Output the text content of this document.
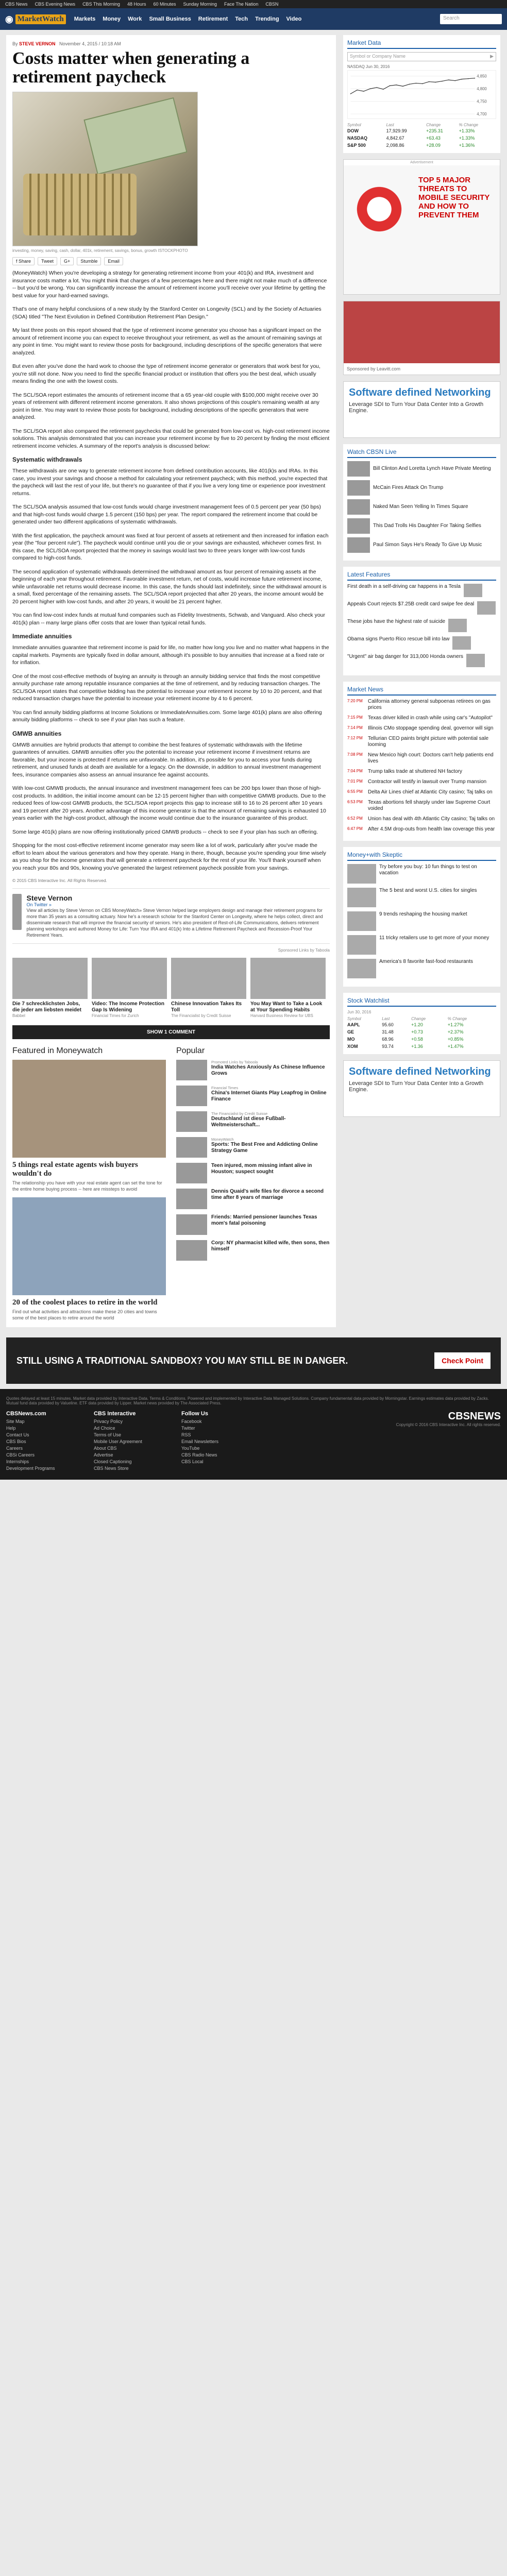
CBS News CBS Evening News CBS This Morning 48 Hours 60 Minutes Sunday Morning Face The Nation CBSN
◉ MarketWatch	Markets Money Work Small Business Retirement Tech Trending Video	Search
By STEVE VERNON November 4, 2015 / 10:18 AM
Costs matter when generating a retirement paycheck
investing, money, saving, cash, dollar, 401k, retirement, savings, bonus, growth ISTOCKPHOTO
f Share	Tweet	G+	Stumble	Email

(MoneyWatch) When you're developing a strategy for generating retirement income from your 401(k) and IRA, investment and insurance costs matter a lot. You might think that charges of a few percentages here and there might not make much of a difference -- but you'd be wrong. You can significantly increase the amount of retirement income you'll receive over your lifetime by getting the best value for your hard-earned savings.

That's one of many helpful conclusions of a new study by the Stanford Center on Longevity (SCL) and by the Society of Actuaries (SOA) titled "The Next Evolution in Defined Contribution Retirement Plan Design."

My last three posts on this report showed that the type of retirement income generator you choose has a significant impact on the amount of retirement income you can expect to receive throughout your retirement, as well as the amount of remaining savings at any point in time. You might want to review those posts for background, including descriptions of the specific generators that were analyzed.

But even after you've done the hard work to choose the type of retirement income generator or generators that work best for you, you're still not done. Now you need to find the specific financial product or institution that offers you the best deal, which usually means finding the one with the lowest costs.

The SCL/SOA report estimates the amounts of retirement income that a 65 year-old couple with $100,000 might receive over 30 years of retirement with different retirement income generators. It also shows projections of this couple's remaining wealth at any point in time. You may want to review those posts for background, including descriptions of the specific generators that were analyzed.

The SCL/SOA report also compared the retirement paychecks that could be generated from low-cost vs. high-cost retirement income solutions. This analysis demonstrated that you can increase your retirement income by five to 20 percent by finding the most efficient retirement income vehicles. A summary of the report's analysis is discussed below:

Systematic withdrawals

These withdrawals are one way to generate retirement income from defined contribution accounts, like 401(k)s and IRAs. In this case, you invest your savings and choose a method for calculating your retirement paycheck; with this method, you're expected that the paycheck will last the rest of your life, but there's no guarantee of that if you live a very long time or experience poor investment returns.

The SCL/SOA analysis assumed that low-cost funds would charge investment management fees of 0.5 percent per year (50 bps) and that high-cost funds would charge 1.5 percent (150 bps) per year. The report compared the retirement income that could be generated under two different applications of systematic withdrawals.

With the first application, the paycheck amount was fixed at four percent of assets at retirement and then increased for inflation each year (the "four percent rule"). The paycheck would continue until you die or your savings are exhausted, whichever comes first. In this case, the SCL/SOA report projected that the money in savings would last two to three years longer with low-cost funds compared to high-cost funds.

The second application of systematic withdrawals determined the withdrawal amount as four percent of remaining assets at the beginning of each year throughout retirement. Favorable investment return, net of costs, would increase future retirement income, while unfavorable net returns would decrease income. In this case, the funds should last indefinitely, since the withdrawal amount is a small, fixed percentage of the remaining assets. The SCL/SOA report projected that after 20 years, the income amount would be 20 percent higher with low-cost funds, and after 20 years, it would be 21 percent higher.

You can find low-cost index funds at mutual fund companies such as Fidelity Investments, Schwab, and Vanguard. Also check your 401(k) plan -- many large plans offer costs that are lower than typical retail funds.

Immediate annuities

Immediate annuities guarantee that retirement income is paid for life, no matter how long you live and no matter what happens in the capital markets. Payments are typically fixed in dollar amount, although it's possible to buy annuities that increase at a fixed rate or for inflation.

One of the most cost-effective methods of buying an annuity is through an annuity bidding service that finds the most competitive annuity purchase rate among reputable insurance companies at the time of retirement, and by reducing transaction charges. The SCL/SOA report states that competitive bidding has the potential to increase your retirement income by 10 to 20 percent, and that reduced transaction charges have the potential to increase your retirement income by 4 to 6 percent.

You can find annuity bidding platforms at Income Solutions or ImmediateAnnuities.com. Some large 401(k) plans are also offering annuity bidding platforms -- check to see if your plan has such a feature.

GMWB annuities

GMWB annuities are hybrid products that attempt to combine the best features of systematic withdrawals with the lifetime guarantees of annuities. GMWB annuities offer you the potential to increase your retirement income if investment returns are favorable, but your income is protected if returns are unfavorable. In addition, it's possible for you to access your funds during retirement, and unused funds at death are available for a legacy. On the downside, in addition to annual investment management fees, insurance companies also assess an annual insurance fee against accounts.

With low-cost GMWB products, the annual insurance and investment management fees can be 200 bps lower than those of high-cost products. In addition, the initial income amount can be 12-15 percent higher than with competitive GMWB products. Due to the reduced fees of low-cost GMWB products, the SCL/SOA report projects this gap to increase still to 16 to 26 percent after 10 years and 19 percent after 20 years. Another advantage of this income generator is that the amount of remaining savings is exhausted 10 years earlier with the high-cost product, although the income would continue due to the insurance guarantee of this product.

Some large 401(k) plans are now offering institutionally priced GMWB products -- check to see if your plan has such an offering.

Shopping for the most cost-effective retirement income generator may seem like a lot of work, particularly after you've made the effort to learn about the various generators and how they operate. Hang in there, though, because you're spending your time wisely as you shop for the income generators that will generate a retirement paycheck for the rest of your life. You'll thank yourself when you reach your 80s and 90s, knowing you've generated the largest retirement paycheck possible from your savings.

© 2015 CBS Interactive Inc. All Rights Reserved.
Steve Vernon
On Twitter »
View all articles by Steve Vernon on CBS MoneyWatch» Steve Vernon helped large employers design and manage their retirement programs for more than 35 years as a consulting actuary. Now he's a research scholar for the Stanford Center on Longevity, where he helps collect, direct and disseminate research that will improve the financial security of seniors. He's also president of Rest-of-Life Communications, delivers retirement planning workshops and authored Money for Life: Turn Your IRA and 401(k) Into a Lifetime Retirement Paycheck and Recession-Proof Your Retirement Years.
Sponsored Links by Taboola
Die 7 schrecklichsten Jobs, die jeder am liebsten meidet
Babbel
Video: The Income Protection Gap Is Widening
Financial Times for Zurich
Chinese Innovation Takes Its Toll
The Financialist by Credit Suisse
You May Want to Take a Look at Your Spending Habits
Harvard Business Review for UBS
SHOW 1 COMMENT
Featured in Moneywatch
5 things real estate agents wish buyers wouldn't do
The relationship you have with your real estate agent can set the tone for the entire home buying process -- here are missteps to avoid
20 of the coolest places to retire in the world
Find out what activities and attractions make these 20 cities and towns some of the best places to retire around the world
Popular
Promoted Links by Taboola
India Watches Anxiously As Chinese Influence Grows
Financial Times
China's Internet Giants Play Leapfrog in Online Finance
The Financialist by Credit Suisse
Deutschland ist diese Fußball-Weltmeisterschaft...
MoneyWatch
Sports: The Best Free and Addicting Online Strategy Game
Teen injured, mom missing infant alive in Houston; suspect sought
Dennis Quaid's wife files for divorce a second time after 8 years of marriage
Friends: Married pensioner launches Texas mom's fatal poisoning
Corp: NY pharmacist killed wife, then sons, then himself
Market Data
Symbol or Company Name	▶
NASDAQ Jun 30, 2016
4,700
4,750
4,800
4,850
Symbol	Last	Change	% Change
DOW	17,929.99	+235.31	+1.33%
NASDAQ	4,842.67	+63.43	+1.33%
S&P 500	2,098.86	+28.09	+1.36%
Advertisement
TOP 5 MAJOR THREATS TO MOBILE SECURITY AND HOW TO PREVENT THEM
Sponsored by Leavitt.com
Software defined Networking
Leverage SDI to Turn Your Data Center Into a Growth Engine.
Watch CBSN Live
Bill Clinton And Loretta Lynch Have Private Meeting
McCain Fires Attack On Trump
Naked Man Seen Yelling In Times Square
This Dad Trolls His Daughter For Taking Selfies
Paul Simon Says He's Ready To Give Up Music
Latest Features
First death in a self-driving car happens in a Tesla
Appeals Court rejects $7.25B credit card swipe fee deal
These jobs have the highest rate of suicide
Obama signs Puerto Rico rescue bill into law
"Urgent" air bag danger for 313,000 Honda owners
Market News
7:20 PM	California attorney general subpoenas retirees on gas prices
7:15 PM	Texas driver killed in crash while using car's "Autopilot"
7:14 PM	Illinois CMo stoppage spending deal, governor will sign
7:12 PM	Tellurian CEO paints bright picture with potential sale looming
7:08 PM	New Mexico high court: Doctors can't help patients end lives
7:04 PM	Trump talks trade at shuttered NH factory
7:01 PM	Contractor will testify in lawsuit over Trump mansion
6:55 PM	Delta Air Lines chief at Atlantic City casino; Taj talks on
6:53 PM	Texas abortions fell sharply under law Supreme Court voided
6:52 PM	Union has deal with 4th Atlantic City casino; Taj talks on
6:47 PM	After 4.5M drop-outs from health law coverage this year
Money+with Skeptic
Try before you buy: 10 fun things to test on vacation
The 5 best and worst U.S. cities for singles
9 trends reshaping the housing market
11 tricky retailers use to get more of your money
America's 8 favorite fast-food restaurants
Stock Watchlist
Jun 30, 2016
Symbol	Last	Change	% Change
AAPL	95.60	+1.20	+1.27%
GE	31.48	+0.73	+2.37%
MO	68.96	+0.58	+0.85%
XOM	93.74	+1.36	+1.47%
Software defined Networking
Leverage SDI to Turn Your Data Center Into a Growth Engine.
STILL USING A TRADITIONAL SANDBOX? YOU MAY STILL BE IN DANGER.	Check Point
Quotes delayed at least 15 minutes. Market data provided by Interactive Data. Terms & Conditions. Powered and implemented by Interactive Data Managed Solutions. Company fundamental data provided by Morningstar. Earnings estimates data provided by Zacks. Mutual fund data provided by Valueline. ETF data provided by Lipper. Market news provided by The Associated Press.
CBSNews.com
Site Map
Help
Contact Us
CBS Bios
Careers
CBSi Careers
Internships
Development Programs
CBS Interactive
Privacy Policy
Ad Choice
Terms of Use
Mobile User Agreement
About CBS
Advertise
Closed Captioning
CBS News Store
Follow Us
Facebook
Twitter
RSS
Email Newsletters
YouTube
CBS Radio News
CBS Local
CBSNEWS
Copyright © 2016 CBS Interactive Inc. All rights reserved.
